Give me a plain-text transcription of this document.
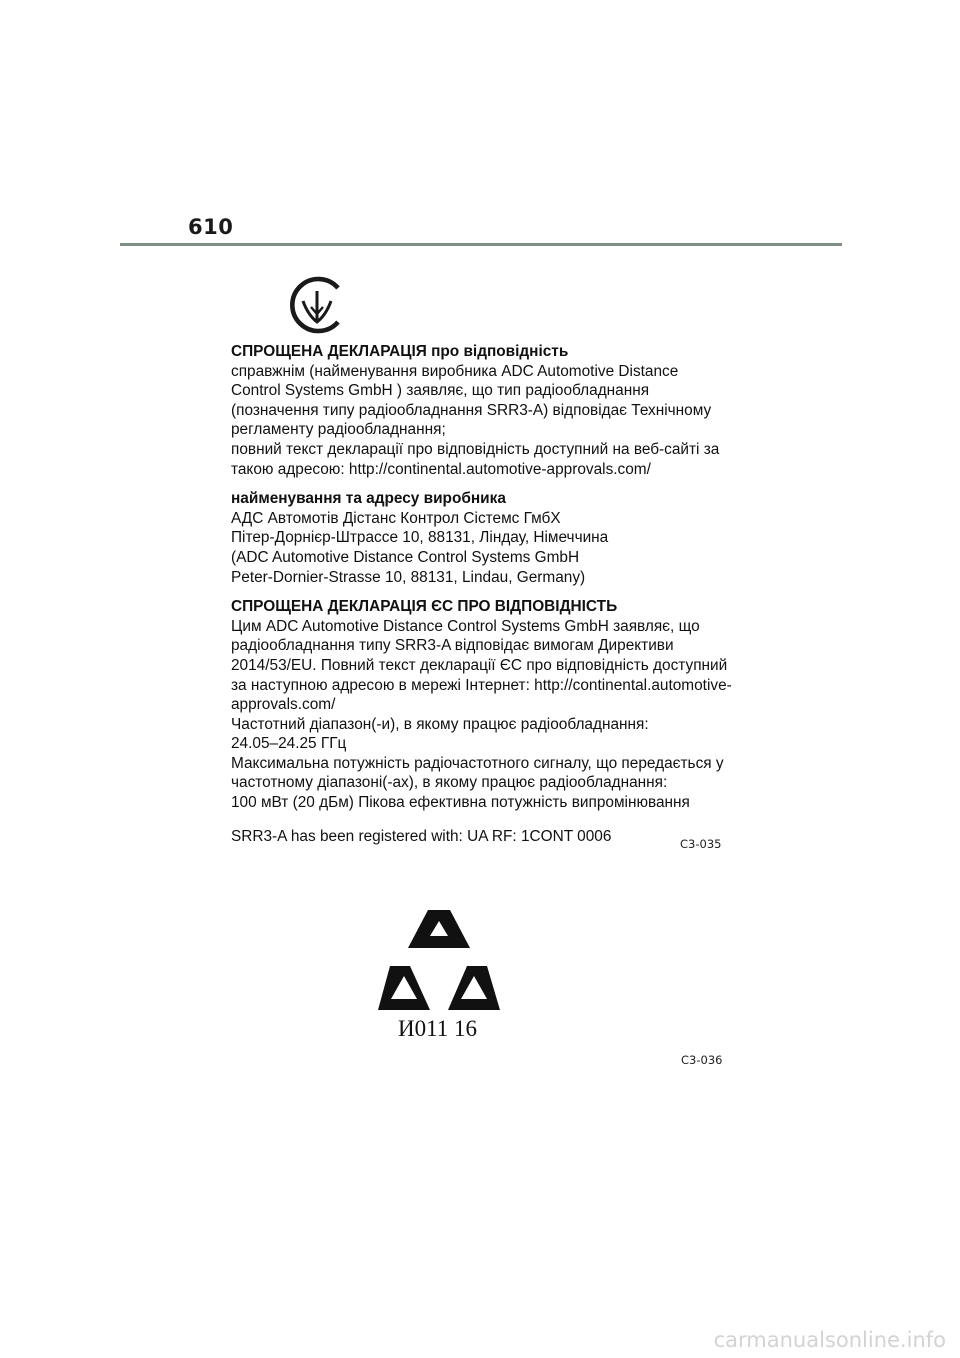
610

СПРОЩЕНА ДЕКЛАРАЦІЯ про відповідність

справжнім (найменування виробника ADC Automotive Distance

Control Systems GmbH ) заявляє, що тип радіообладнання

(позначення типу радіообладнання SRR3-A) відповідає Технічному

регламенту радіообладнання;

повний текст декларації про відповідність доступний на веб-сайті за

такою адресою: http://continental.automotive-approvals.com/

найменування та адресу виробника

АДС Автомотів Дістанс Контрол Сістемс ГмбХ

Пітер-Дорнієр-Штрассе 10, 88131, Ліндау, Німеччина

(ADC Automotive Distance Control Systems GmbH

Peter-Dornier-Strasse 10, 88131, Lindau, Germany)

СПРОЩЕНА ДЕКЛАРАЦІЯ ЄС ПРО ВІДПОВІДНІСТЬ

Цим ADC Automotive Distance Control Systems GmbH заявляє, що

радіообладнання типу SRR3-A відповідає вимогам Директиви

2014/53/EU. Повний текст декларації ЄС про відповідність доступний

за наступною адресою в мережі Інтернет: http://continental.automotive-

approvals.com/

Частотний діапазон(-и), в якому працює радіообладнання:

24.05–24.25 ГГц

Максимальна потужність радіочастотного сигналу, що передається у

частотному діапазоні(-ах), в якому працює радіообладнання:

100 мВт (20 дБм) Пікова ефективна потужність випромінювання

SRR3-A has been registered with: UA RF: 1CONT 0006	C3-035
И011 16
C3-036
carmanualsonline.info
